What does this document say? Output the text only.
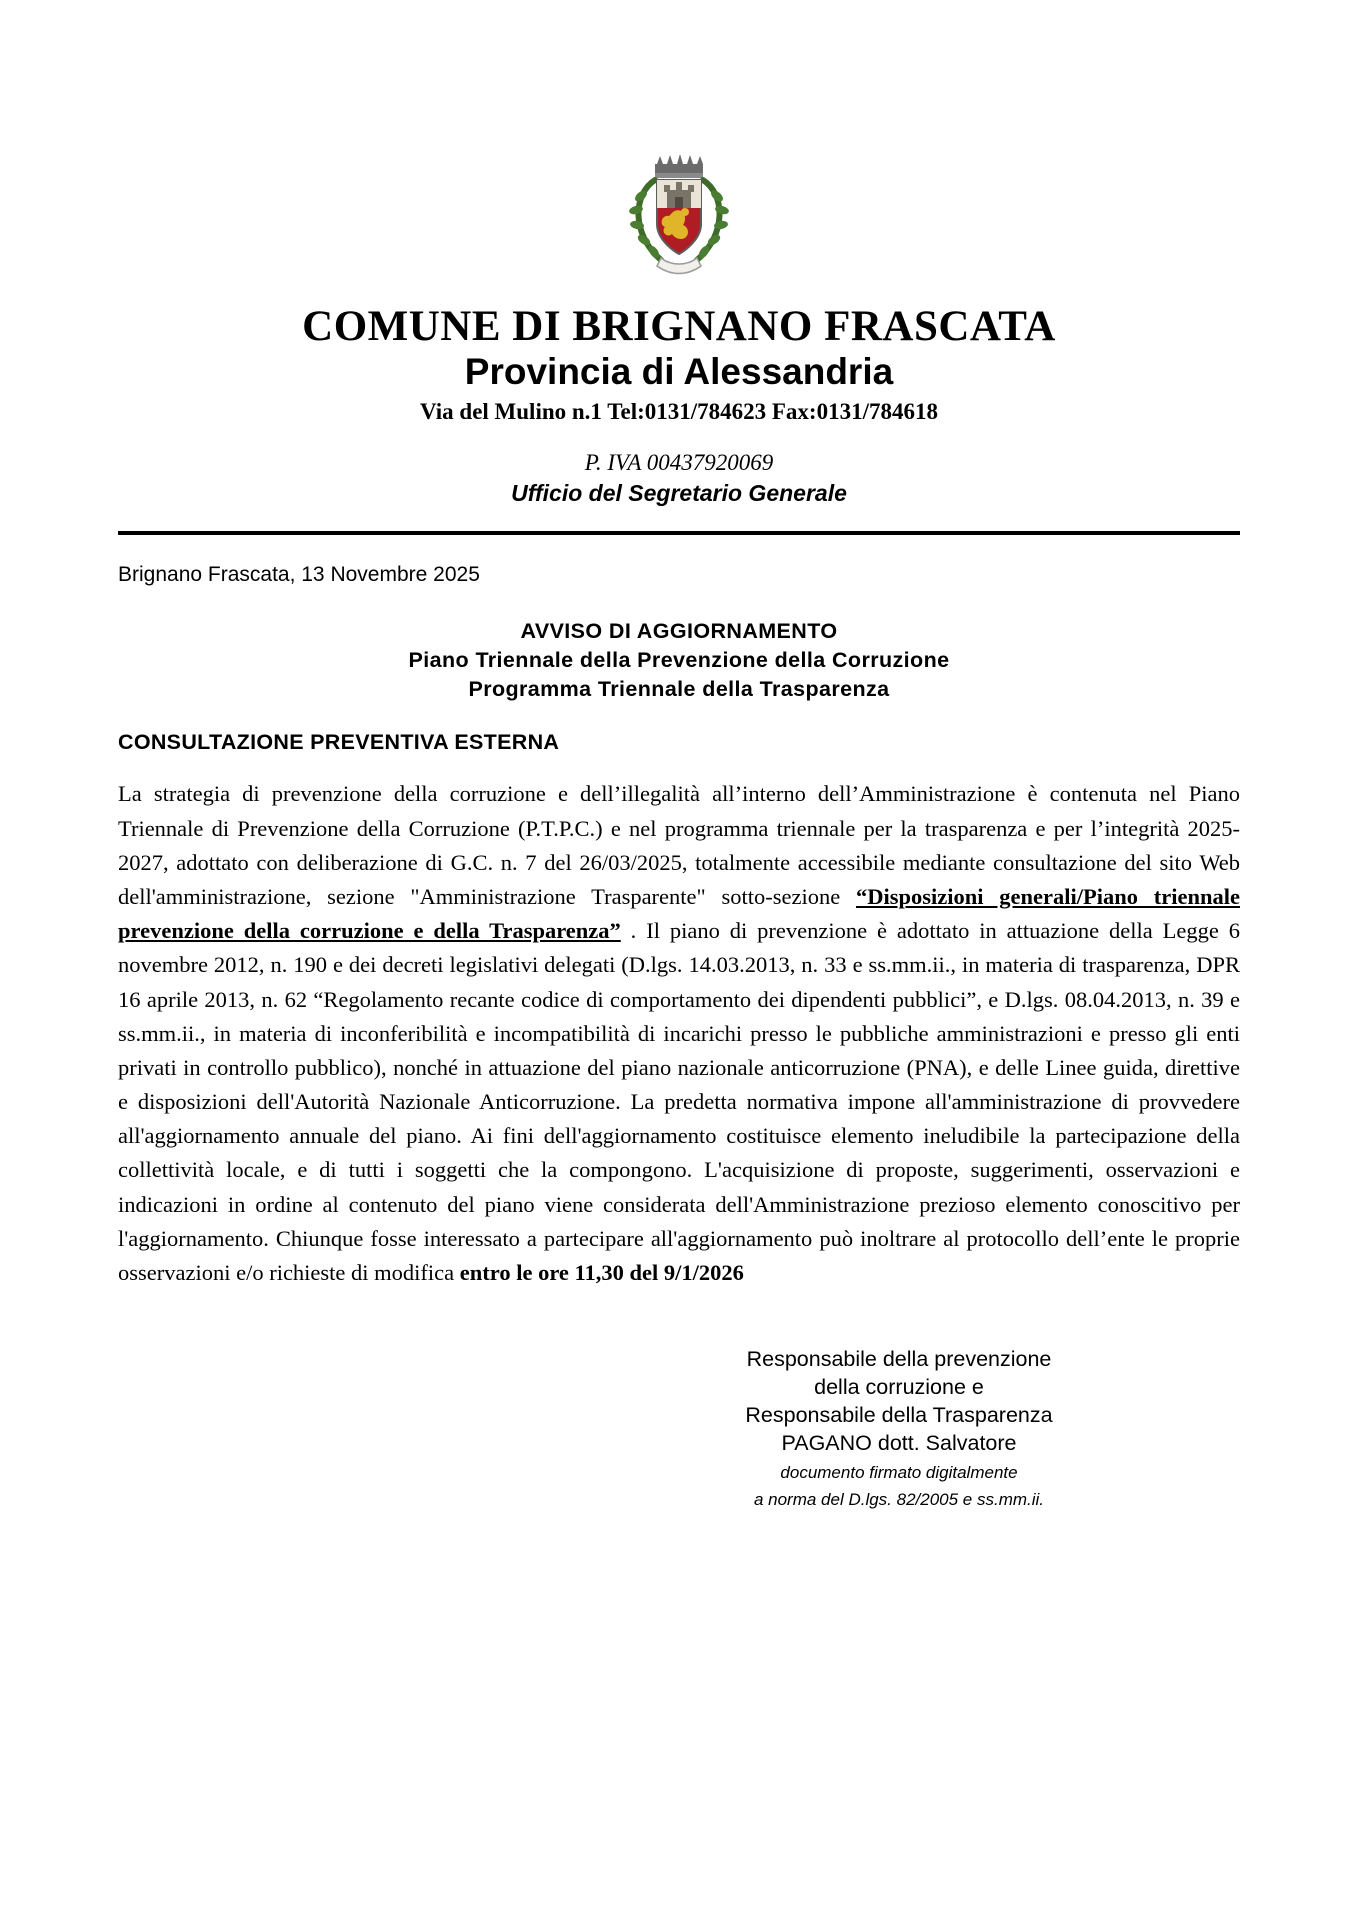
COMUNE DI BRIGNANO FRASCATA
Provincia di Alessandria
Via del Mulino n.1 Tel:0131/784623 Fax:0131/784618
P. IVA 00437920069
Ufficio del Segretario Generale
Brignano Frascata, 13 Novembre 2025
AVVISO DI AGGIORNAMENTO
Piano Triennale della Prevenzione della Corruzione
Programma Triennale della Trasparenza
CONSULTAZIONE PREVENTIVA ESTERNA

La strategia di prevenzione della corruzione e dell’illegalità all’interno dell’Amministrazione è contenuta nel Piano Triennale di Prevenzione della Corruzione (P.T.P.C.) e nel programma triennale per la trasparenza e per l’integrità 2025-2027, adottato con deliberazione di G.C. n. 7 del 26/03/2025, totalmente accessibile mediante consultazione del sito Web dell'amministrazione, sezione "Amministrazione Trasparente" sotto-sezione “Disposizioni generali/Piano triennale prevenzione della corruzione e della Trasparenza” . Il piano di prevenzione è adottato in attuazione della Legge 6 novembre 2012, n. 190 e dei decreti legislativi delegati (D.lgs. 14.03.2013, n. 33 e ss.mm.ii., in materia di trasparenza, DPR 16 aprile 2013, n. 62 “Regolamento recante codice di comportamento dei dipendenti pubblici”, e D.lgs. 08.04.2013, n. 39 e ss.mm.ii., in materia di inconferibilità e incompatibilità di incarichi presso le pubbliche amministrazioni e presso gli enti privati in controllo pubblico), nonché in attuazione del piano nazionale anticorruzione (PNA), e delle Linee guida, direttive e disposizioni dell'Autorità Nazionale Anticorruzione. La predetta normativa impone all'amministrazione di provvedere all'aggiornamento annuale del piano. Ai fini dell'aggiornamento costituisce elemento ineludibile la partecipazione della collettività locale, e di tutti i soggetti che la compongono. L'acquisizione di proposte, suggerimenti, osservazioni e indicazioni in ordine al contenuto del piano viene considerata dell'Amministrazione prezioso elemento conoscitivo per l'aggiornamento. Chiunque fosse interessato a partecipare all'aggiornamento può inoltrare al protocollo dell’ente le proprie osservazioni e/o richieste di modifica entro le ore 11,30 del 9/1/2026

Responsabile della prevenzione
della corruzione e
Responsabile della Trasparenza
PAGANO dott. Salvatore
documento firmato digitalmente
a norma del D.lgs. 82/2005 e ss.mm.ii.
